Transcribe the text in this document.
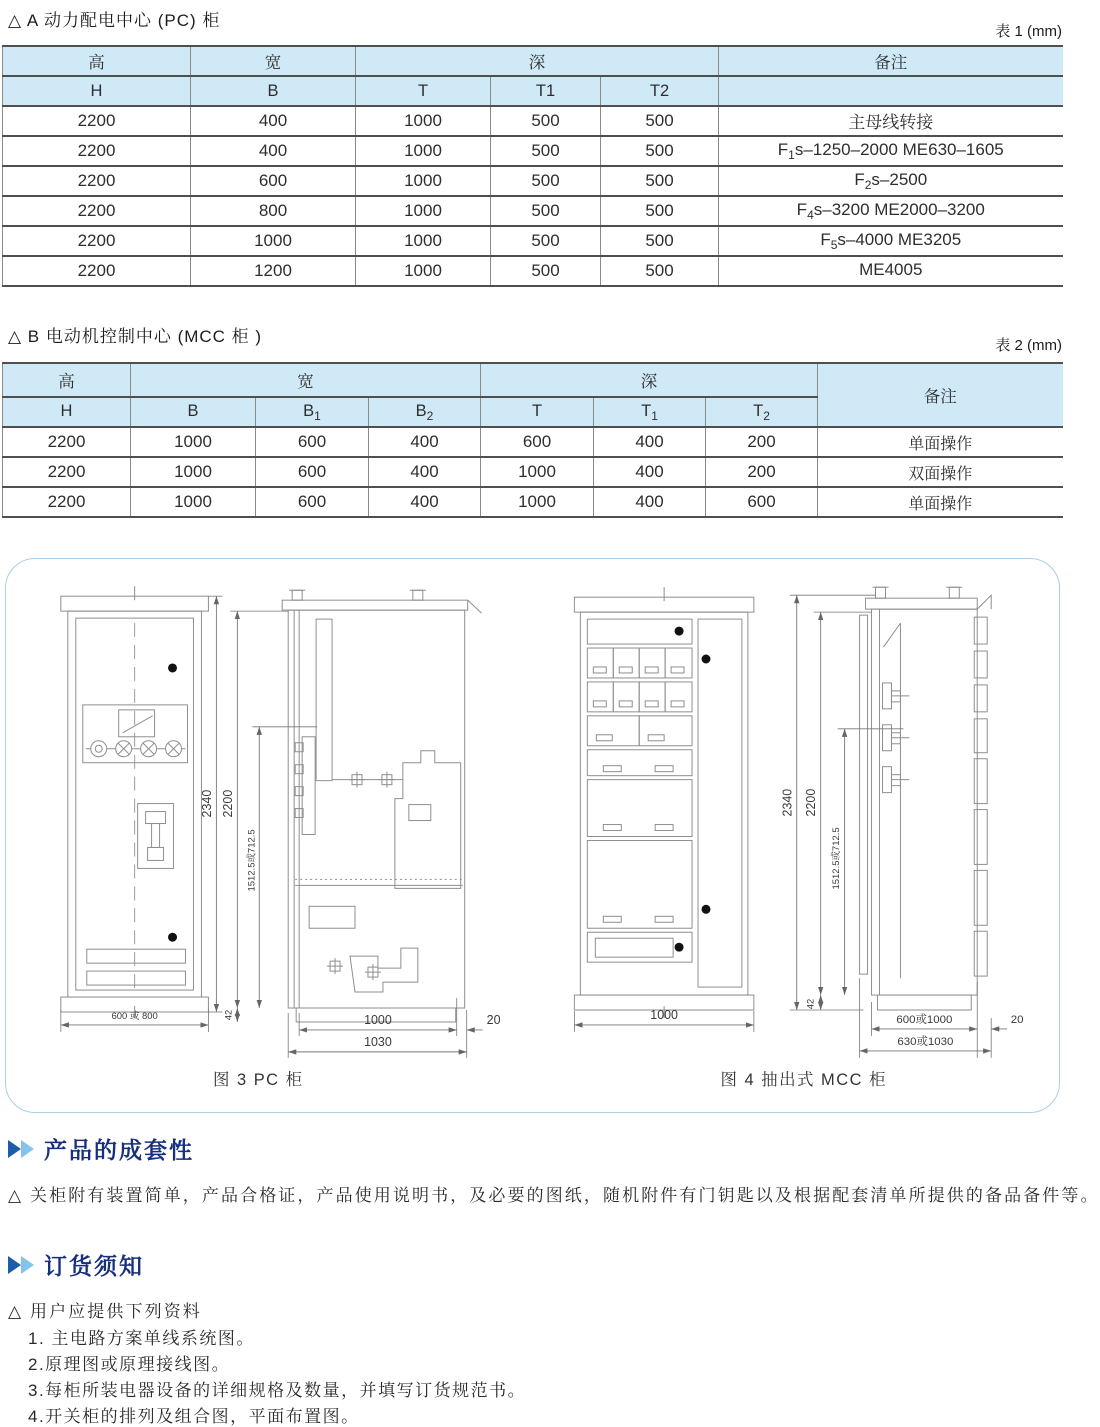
△ A 动力配电中心 (PC) 柜
表 1 (mm)
高	宽	深			备注
H	B	T	T1	T2	
2200	400	1000	500	500	主母线转接
2200	400	1000	500	500	$F_1s-1250-2000$ ME630–1605
2200	600	1000	500	500	$F_2s-2500$
2200	800	1000	500	500	$F_4s-3200$ ME2000–3200
2200	1000	1000	500	500	$F_5s-4000$ ME3205
2200	1200	1000	500	500	ME4005
△ B 电动机控制中心 (MCC 柜 )	表 2 (mm)
高	宽			深			备注
H	B	$B_1$	$B_2$	T	$T_1$	$T_2$
2200	1000	600	400	600	400	200	单面操作
2200	1000	600	400	1000	400	200	双面操作
2200	1000	600	400	1000	400	600	单面操作
2340 2200
1512.5或712.5
42
600 或 800	1000	20
1030
图 3 PC 柜
2340 2200
1512.5或712.5
42
1000	600或1000	20
630或1030
图 4 抽出式 MCC 柜
产品的成套性
△ 关柜附有装置简单，产品合格证，产品使用说明书，及必要的图纸，随机附件有门钥匙以及根据配套清单所提供的备品备件等。
订货须知
△ 用户应提供下列资料
1. 主电路方案单线系统图。
2.原理图或原理接线图。
3.每柜所装电器设备的详细规格及数量，并填写订货规范书。
4.开关柜的排列及组合图，平面布置图。
